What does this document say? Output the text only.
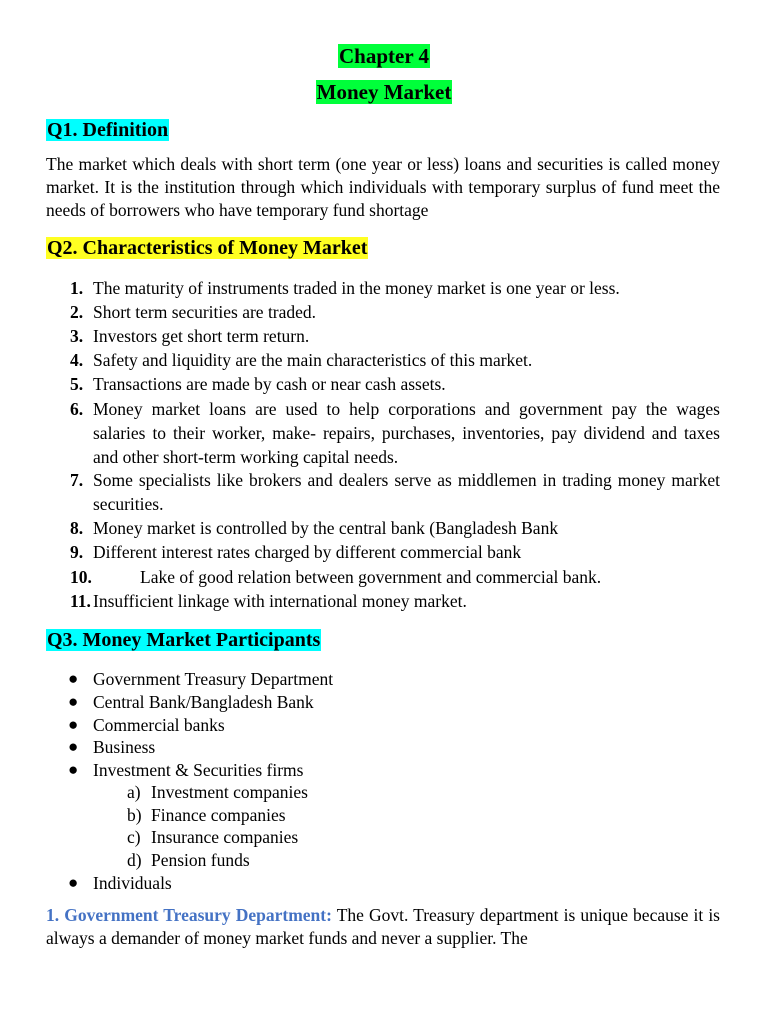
Chapter 4
Money Market
Q1. Definition
The market which deals with short term (one year or less) loans and securities is called money market. It is the institution through which individuals with temporary surplus of fund meet the needs of borrowers who have temporary fund shortage
Q2. Characteristics of Money Market
1. The maturity of instruments traded in the money market is one year or less.
2. Short term securities are traded.
3. Investors get short term return.
4. Safety and liquidity are the main characteristics of this market.
5. Transactions are made by cash or near cash assets.
6. Money market loans are used to help corporations and government pay the wages salaries to their worker, make- repairs, purchases, inventories, pay dividend and taxes and other short-term working capital needs.
7. Some specialists like brokers and dealers serve as middlemen in trading money market securities.
8. Money market is controlled by the central bank (Bangladesh Bank
9. Different interest rates charged by different commercial bank
10.	Lake of good relation between government and commercial bank.
11. Insufficient linkage with international money market.
Q3. Money Market Participants
● Government Treasury Department
● Central Bank/Bangladesh Bank
● Commercial banks
● Business
● Investment & Securities firms
a) Investment companies
b) Finance companies
c) Insurance companies
d) Pension funds
● Individuals
1. Government Treasury Department: The Govt. Treasury department is unique because it is always a demander of money market funds and never a supplier. The
